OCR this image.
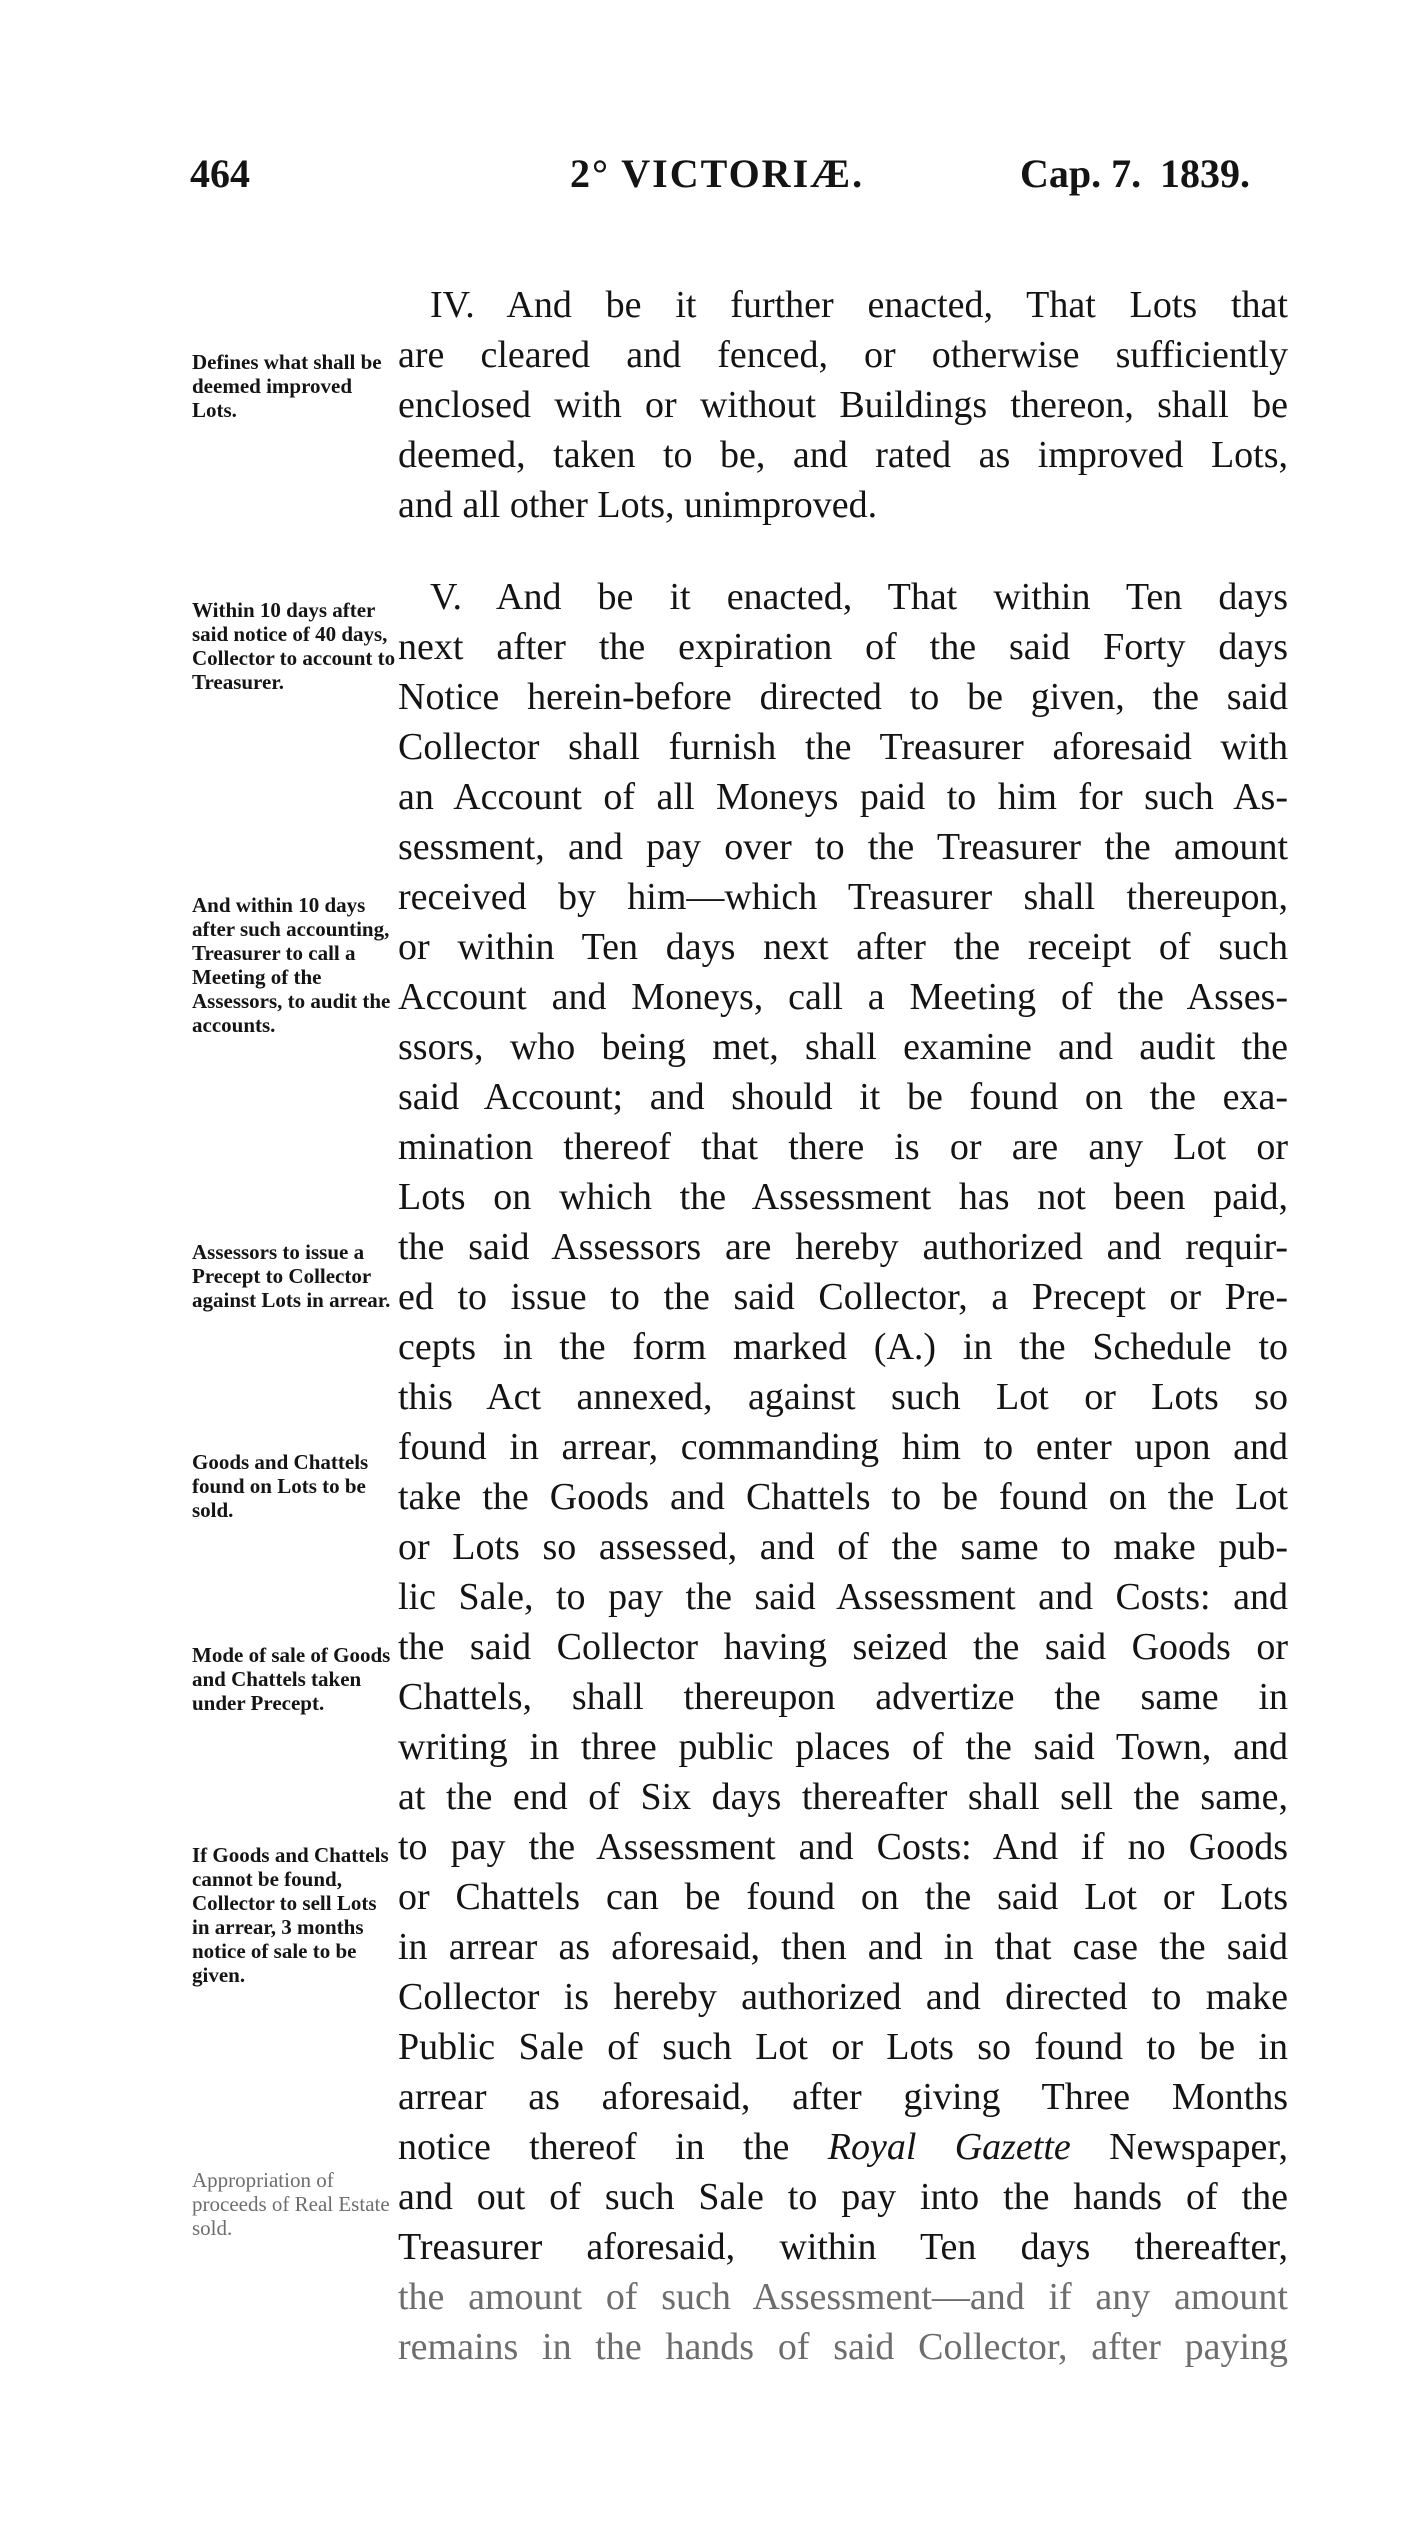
464	2° VICTORIÆ.	Cap. 7. 1839.
Defines what shall be deemed improved Lots.
Within 10 days after said notice of 40 days, Collector to account to Treasurer.
And within 10 days after such accounting, Treasurer to call a Meeting of the Assessors, to audit the accounts.
Assessors to issue a Precept to Collector against Lots in arrear.
Goods and Chattels found on Lots to be sold.
Mode of sale of Goods and Chattels taken under Precept.
If Goods and Chattels cannot be found, Collector to sell Lots in arrear, 3 months notice of sale to be given.
Appropriation of proceeds of Real Estate sold.
IV. And be it further enacted, That Lots that
are cleared and fenced, or otherwise sufficiently
enclosed with or without Buildings thereon, shall be
deemed, taken to be, and rated as improved Lots,
and all other Lots, unimproved.
V. And be it enacted, That within Ten days
next after the expiration of the said Forty days
Notice herein-before directed to be given, the said
Collector shall furnish the Treasurer aforesaid with
an Account of all Moneys paid to him for such As-
sessment, and pay over to the Treasurer the amount
received by him—which Treasurer shall thereupon,
or within Ten days next after the receipt of such
Account and Moneys, call a Meeting of the Asses-
ssors, who being met, shall examine and audit the
said Account; and should it be found on the exa-
mination thereof that there is or are any Lot or
Lots on which the Assessment has not been paid,
the said Assessors are hereby authorized and requir-
ed to issue to the said Collector, a Precept or Pre-
cepts in the form marked (A.) in the Schedule to
this Act annexed, against such Lot or Lots so
found in arrear, commanding him to enter upon and
take the Goods and Chattels to be found on the Lot
or Lots so assessed, and of the same to make pub-
lic Sale, to pay the said Assessment and Costs: and
the said Collector having seized the said Goods or
Chattels, shall thereupon advertize the same in
writing in three public places of the said Town, and
at the end of Six days thereafter shall sell the same,
to pay the Assessment and Costs: And if no Goods
or Chattels can be found on the said Lot or Lots
in arrear as aforesaid, then and in that case the said
Collector is hereby authorized and directed to make
Public Sale of such Lot or Lots so found to be in
arrear as aforesaid, after giving Three Months
notice thereof in the Royal Gazette Newspaper,
and out of such Sale to pay into the hands of the
Treasurer aforesaid, within Ten days thereafter,
the amount of such Assessment—and if any amount
remains in the hands of said Collector, after paying
